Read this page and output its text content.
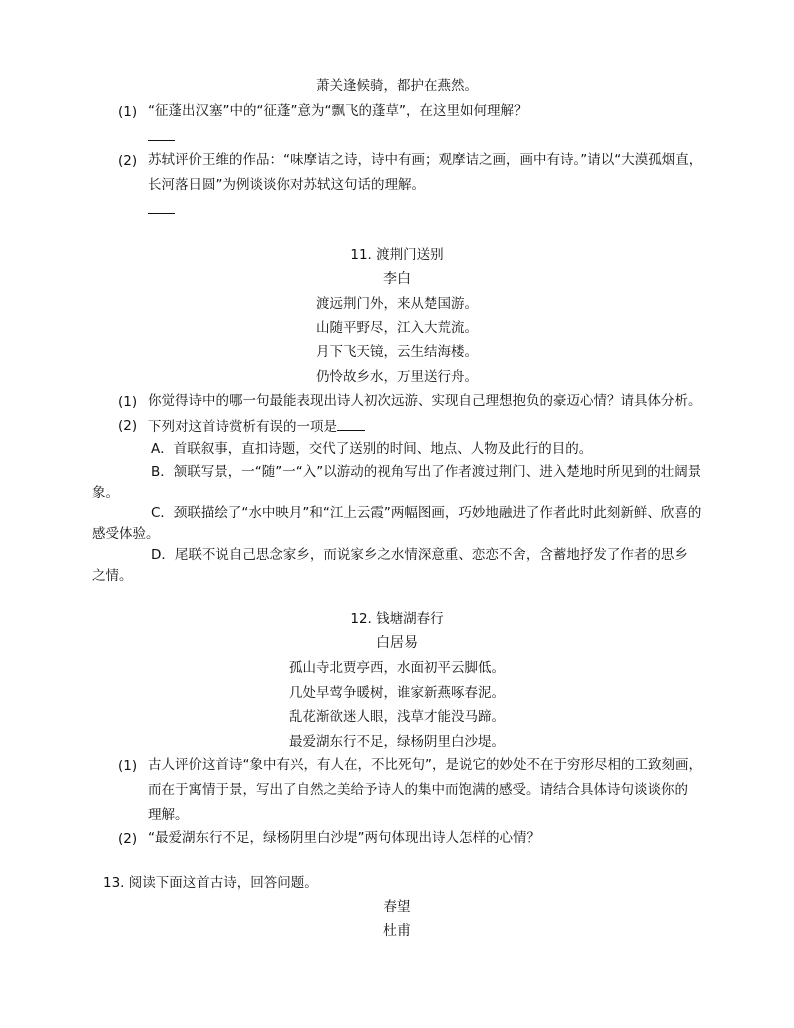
萧关逢候骑，都护在燕然。
(1) “征蓬出汉塞”中的“征蓬”意为“飘飞的蓬草”，在这里如何理解？
(2) 苏轼评价王维的作品：“味摩诘之诗，诗中有画；观摩诘之画，画中有诗。”请以“大漠孤烟直，
长河落日圆”为例谈谈你对苏轼这句话的理解。
11. 渡荆门送别
李白
渡远荆门外，来从楚国游。
山随平野尽，江入大荒流。
月下飞天镜，云生结海楼。
仍怜故乡水，万里送行舟。
(1) 你觉得诗中的哪一句最能表现出诗人初次远游、实现自己理想抱负的豪迈心情？请具体分析。
(2) 下列对这首诗赏析有误的一项是
A．首联叙事，直扣诗题，交代了送别的时间、地点、人物及此行的目的。
B．颔联写景，一“随”一“入”以游动的视角写出了作者渡过荆门、进入楚地时所见到的壮阔景
象。
C．颈联描绘了“水中映月”和“江上云霞”两幅图画，巧妙地融进了作者此时此刻新鲜、欣喜的
感受体验。
D．尾联不说自己思念家乡，而说家乡之水情深意重、恋恋不舍，含蓄地抒发了作者的思乡
之情。
12. 钱塘湖春行
白居易
孤山寺北贾亭西，水面初平云脚低。
几处早莺争暖树，谁家新燕啄春泥。
乱花渐欲迷人眼，浅草才能没马蹄。
最爱湖东行不足，绿杨阴里白沙堤。
(1) 古人评价这首诗“象中有兴，有人在，不比死句”，是说它的妙处不在于穷形尽相的工致刻画，
而在于寓情于景，写出了自然之美给予诗人的集中而饱满的感受。请结合具体诗句谈谈你的
理解。
(2) “最爱湖东行不足，绿杨阴里白沙堤”两句体现出诗人怎样的心情？
13. 阅读下面这首古诗，回答问题。
春望
杜甫
